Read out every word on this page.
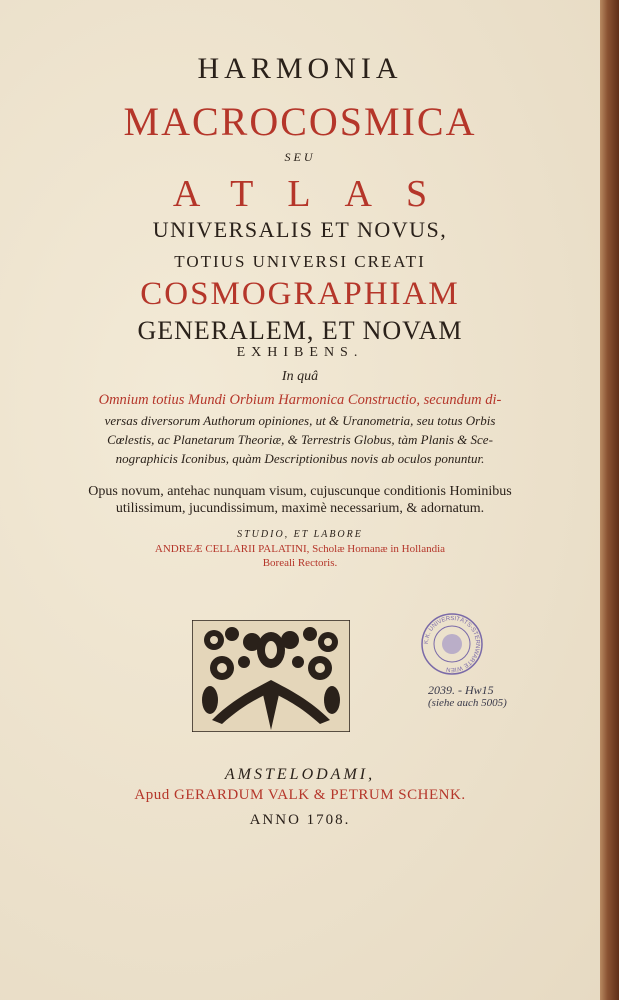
HARMONIA
MACROCOSMICA
SEU
ATLAS
UNIVERSALIS ET NOVUS,
TOTIUS UNIVERSI CREATI
COSMOGRAPHIAM
GENERALEM, ET NOVAM
EXHIBENS.
In quâ
Omnium totius Mundi Orbium Harmonica Constructio, secundum di-
versas diversorum Authorum opiniones, ut & Uranometria, seu totus Orbis
Cœlestis, ac Planetarum Theoriæ, & Terrestris Globus, tàm Planis & Sce-
nographicis Iconibus, quàm Descriptionibus novis ab oculos ponuntur.
Opus novum, antehac nunquam visum, cujuscunque conditionis Hominibus
utilissimum, jucundissimum, maximè necessarium, & adornatum.
STUDIO, ET LABORE
ANDREÆ CELLARII PALATINI, Scholæ Hornanæ in Hollandia
Boreali Rectoris.
K.K. UNIVERSITÄTS-STERNWARTE WIEN
2039. - Hw15
(siehe auch 5005)
AMSTELODAMI,
Apud GERARDUM VALK & PETRUM SCHENK.
ANNO 1708.
